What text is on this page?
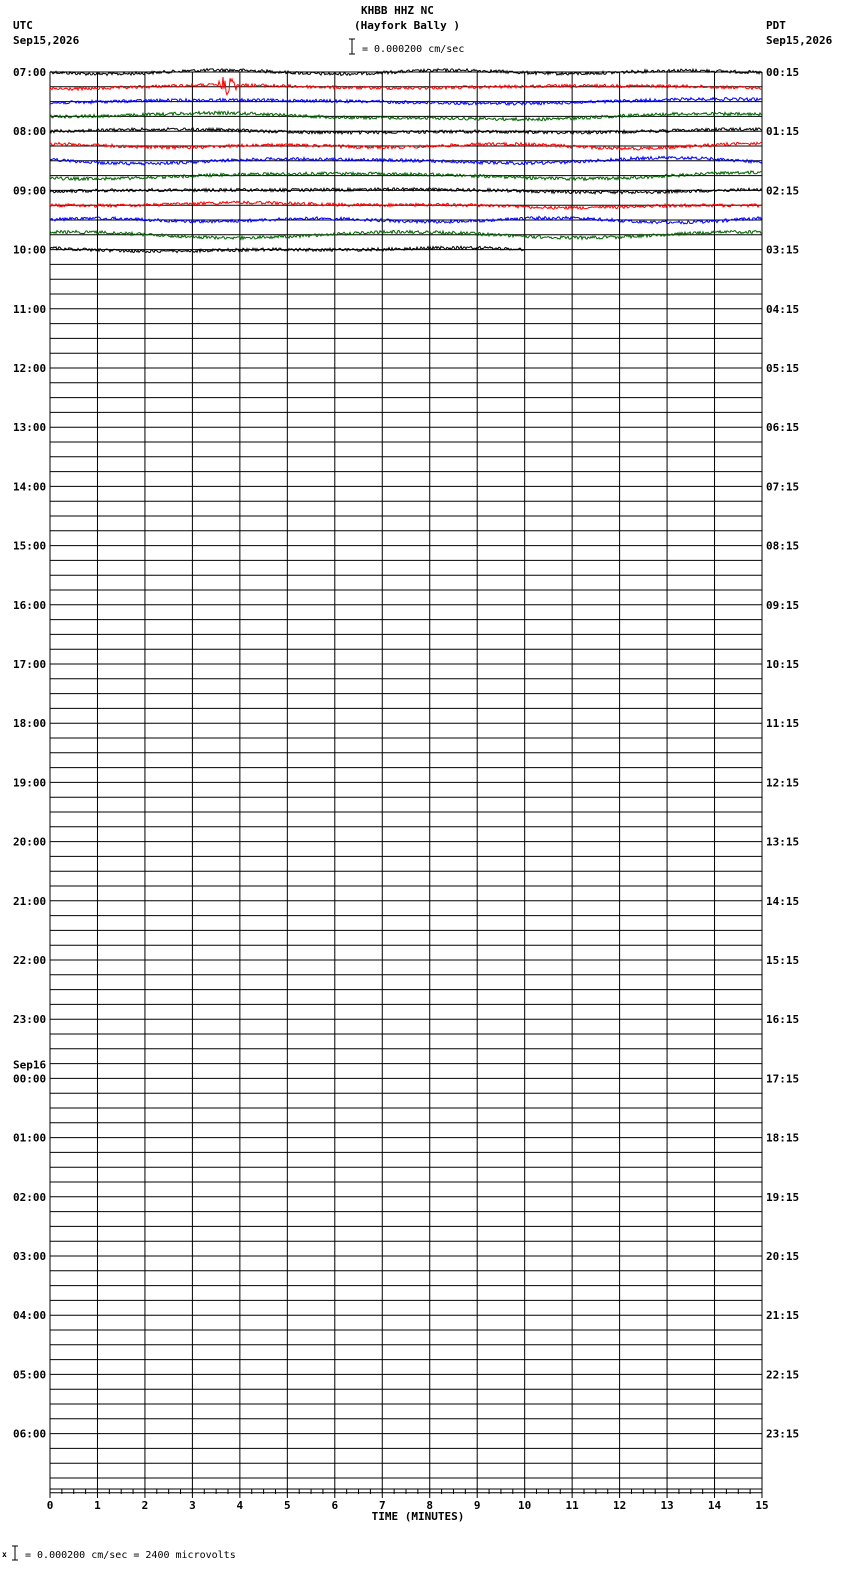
KHBB HHZ NC
(Hayfork Bally )
UTC
Sep15,2026
PDT
Sep15,2026
= 0.000200 cm/sec
x = 0.000200 cm/sec = 2400 microvolts
07:00
08:00
09:00
10:00
11:00
12:00
13:00
14:00
15:00
16:00
17:00
18:00
19:00
20:00
21:00
22:00
23:00
00:00
Sep16
01:00
02:00
03:00
04:00
05:00
06:00
00:15
01:15
02:15
03:15
04:15
05:15
06:15
07:15
08:15
09:15
10:15
11:15
12:15
13:15
14:15
15:15
16:15
17:15
18:15
19:15
20:15
21:15
22:15
23:15
0	1	2	3	4	5	6	7	8	9	10	11	12	13	14	15
TIME (MINUTES)
